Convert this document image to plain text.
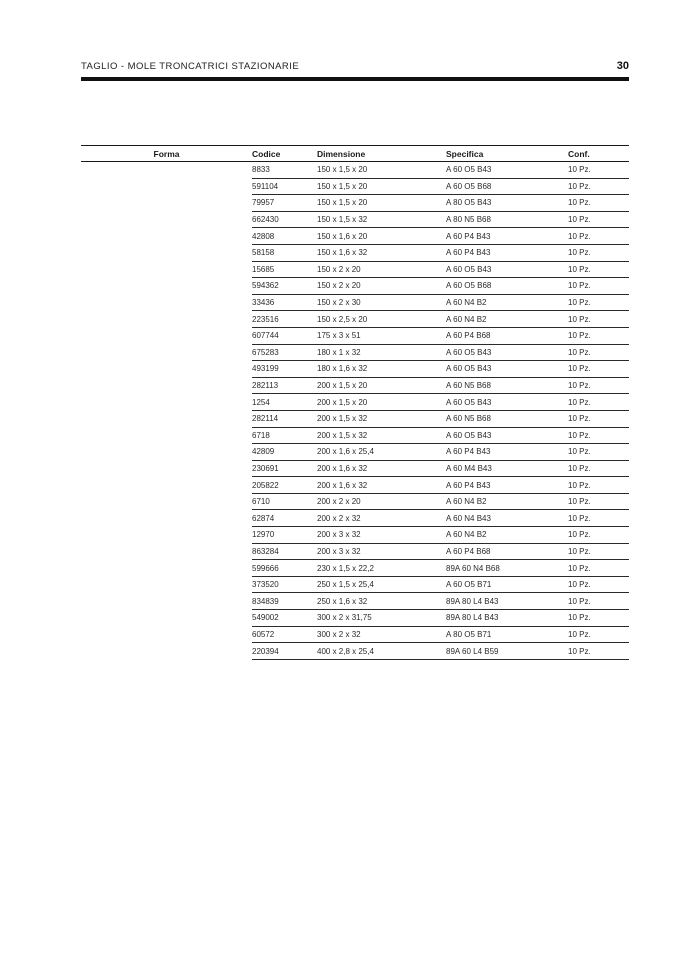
TAGLIO - MOLE TRONCATRICI STAZIONARIE	30
Forma	Codice	Dimensione	Specifica	Conf.
	8833	150 x 1,5 x 20	A 60 O5 B43	10 Pz.
	591104	150 x 1,5 x 20	A 60 O5 B68	10 Pz.
	79957	150 x 1,5 x 20	A 80 O5 B43	10 Pz.
	662430	150 x 1,5 x 32	A 80 N5 B68	10 Pz.
	42808	150 x 1,6 x 20	A 60 P4 B43	10 Pz.
	58158	150 x 1,6 x 32	A 60 P4 B43	10 Pz.
	15685	150 x 2 x 20	A 60 O5 B43	10 Pz.
	594362	150 x 2 x 20	A 60 O5 B68	10 Pz.
	33436	150 x 2 x 30	A 60 N4 B2	10 Pz.
	223516	150 x 2,5 x 20	A 60 N4 B2	10 Pz.
	607744	175 x 3 x 51	A 60 P4 B68	10 Pz.
	675283	180 x 1 x 32	A 60 O5 B43	10 Pz.
	493199	180 x 1,6 x 32	A 60 O5 B43	10 Pz.
	282113	200 x 1,5 x 20	A 60 N5 B68	10 Pz.
	1254	200 x 1,5 x 20	A 60 O5 B43	10 Pz.
	282114	200 x 1,5 x 32	A 60 N5 B68	10 Pz.
	6718	200 x 1,5 x 32	A 60 O5 B43	10 Pz.
	42809	200 x 1,6 x 25,4	A 60 P4 B43	10 Pz.
	230691	200 x 1,6 x 32	A 60 M4 B43	10 Pz.
	205822	200 x 1,6 x 32	A 60 P4 B43	10 Pz.
	6710	200 x 2 x 20	A 60 N4 B2	10 Pz.
	62874	200 x 2 x 32	A 60 N4 B43	10 Pz.
	12970	200 x 3 x 32	A 60 N4 B2	10 Pz.
	863284	200 x 3 x 32	A 60 P4 B68	10 Pz.
	599666	230 x 1,5 x 22,2	89A 60 N4 B68	10 Pz.
	373520	250 x 1,5 x 25,4	A 60 O5 B71	10 Pz.
	834839	250 x 1,6 x 32	89A 80 L4 B43	10 Pz.
	549002	300 x 2 x 31,75	89A 80 L4 B43	10 Pz.
	60572	300 x 2 x 32	A 80 O5 B71	10 Pz.
	220394	400 x 2,8 x 25,4	89A 60 L4 B59	10 Pz.
